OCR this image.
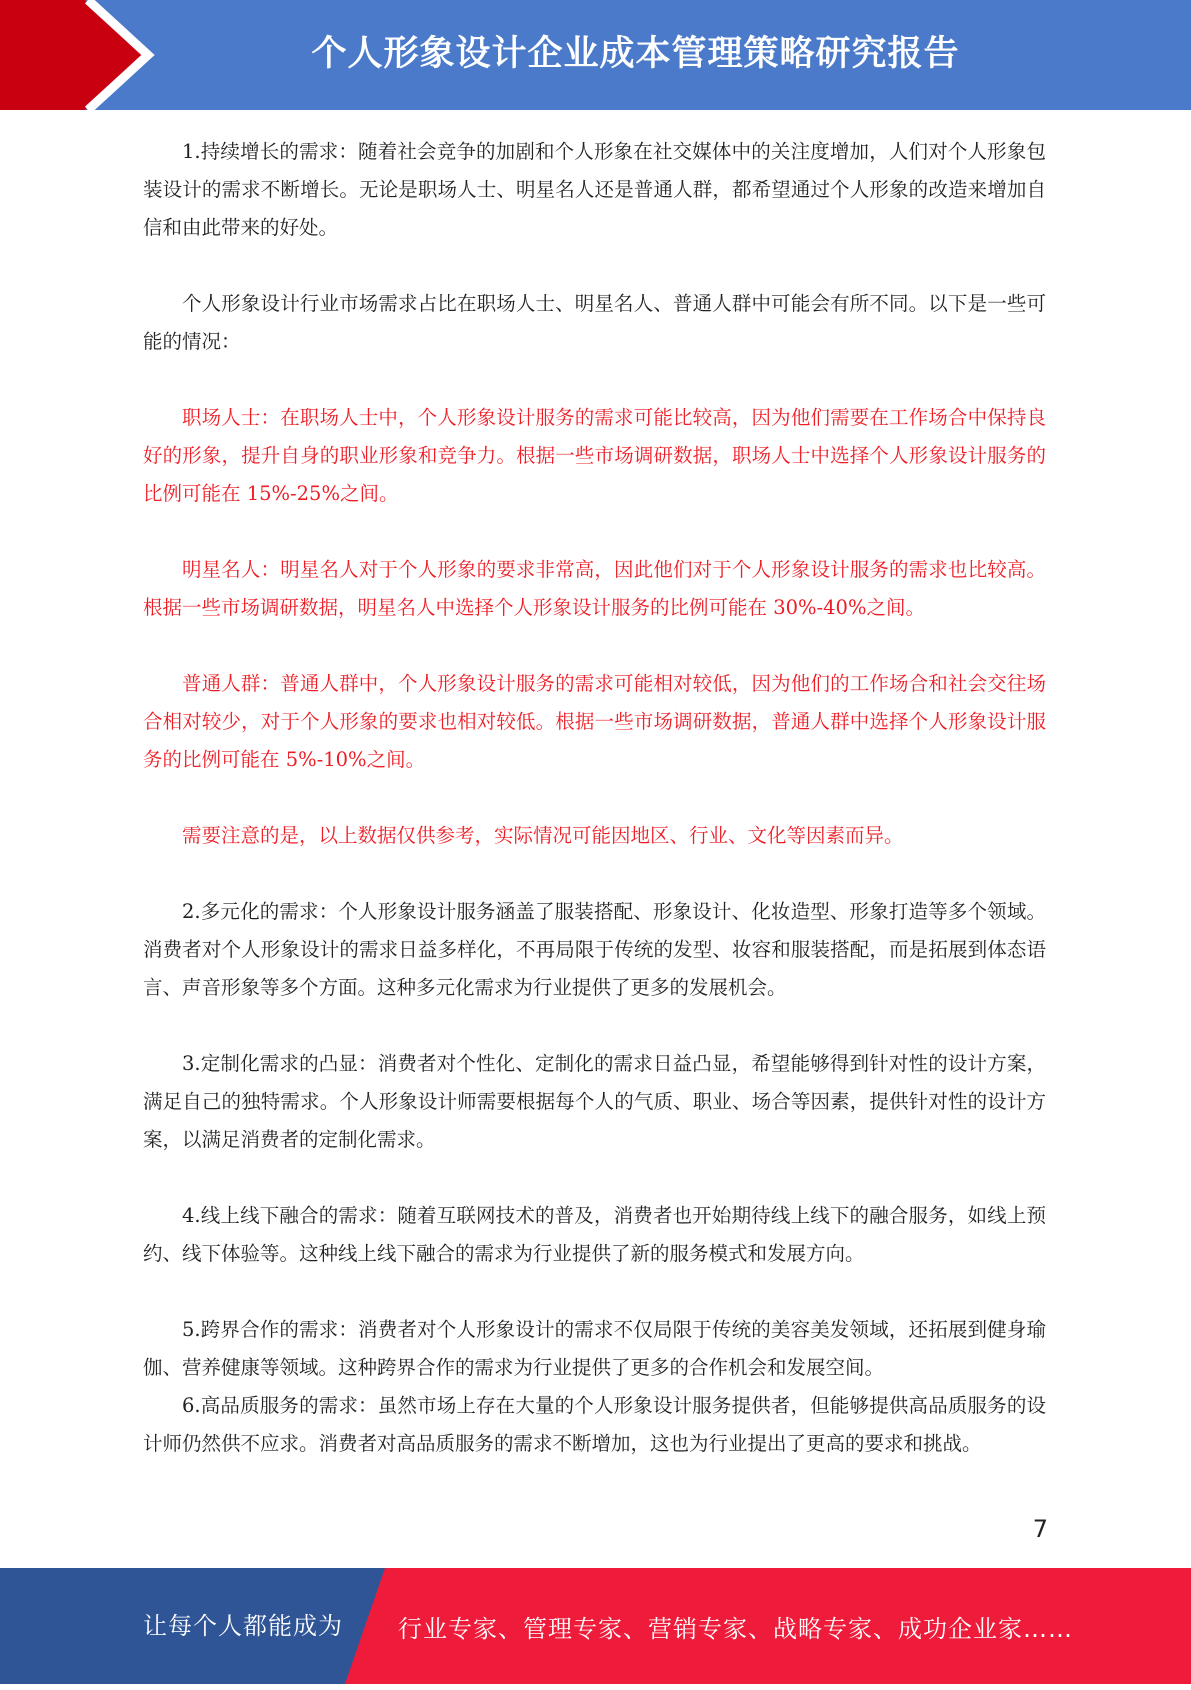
个人形象设计企业成本管理策略研究报告

1.持续增长的需求：随着社会竞争的加剧和个人形象在社交媒体中的关注度增加，人们对个人形象包装设计的需求不断增长。无论是职场人士、明星名人还是普通人群，都希望通过个人形象的改造来增加自信和由此带来的好处。

个人形象设计行业市场需求占比在职场人士、明星名人、普通人群中可能会有所不同。以下是一些可能的情况：

职场人士：在职场人士中，个人形象设计服务的需求可能比较高，因为他们需要在工作场合中保持良好的形象，提升自身的职业形象和竞争力。根据一些市场调研数据，职场人士中选择个人形象设计服务的比例可能在 15%-25%之间。

明星名人：明星名人对于个人形象的要求非常高，因此他们对于个人形象设计服务的需求也比较高。根据一些市场调研数据，明星名人中选择个人形象设计服务的比例可能在 30%-40%之间。

普通人群：普通人群中，个人形象设计服务的需求可能相对较低，因为他们的工作场合和社会交往场合相对较少，对于个人形象的要求也相对较低。根据一些市场调研数据，普通人群中选择个人形象设计服务的比例可能在 5%-10%之间。

需要注意的是，以上数据仅供参考，实际情况可能因地区、行业、文化等因素而异。

2.多元化的需求：个人形象设计服务涵盖了服装搭配、形象设计、化妆造型、形象打造等多个领域。消费者对个人形象设计的需求日益多样化，不再局限于传统的发型、妆容和服装搭配，而是拓展到体态语言、声音形象等多个方面。这种多元化需求为行业提供了更多的发展机会。

3.定制化需求的凸显：消费者对个性化、定制化的需求日益凸显，希望能够得到针对性的设计方案，满足自己的独特需求。个人形象设计师需要根据每个人的气质、职业、场合等因素，提供针对性的设计方案，以满足消费者的定制化需求。

4.线上线下融合的需求：随着互联网技术的普及，消费者也开始期待线上线下的融合服务，如线上预约、线下体验等。这种线上线下融合的需求为行业提供了新的服务模式和发展方向。

5.跨界合作的需求：消费者对个人形象设计的需求不仅局限于传统的美容美发领域，还拓展到健身瑜伽、营养健康等领域。这种跨界合作的需求为行业提供了更多的合作机会和发展空间。

6.高品质服务的需求：虽然市场上存在大量的个人形象设计服务提供者，但能够提供高品质服务的设计师仍然供不应求。消费者对高品质服务的需求不断增加，这也为行业提出了更高的要求和挑战。

7
让每个人都能成为 行业专家、管理专家、营销专家、战略专家、成功企业家……
